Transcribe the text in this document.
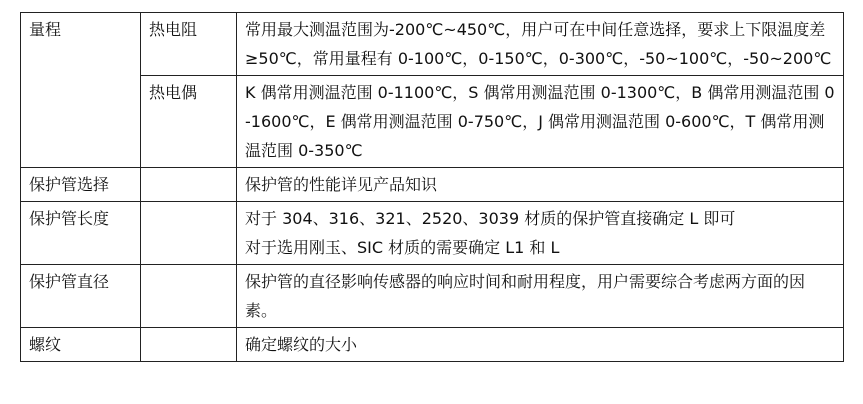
量程	热电阻	常用最大测温范围为-200℃~450℃，用户可在中间任意选择，要求上下限温度差≥50℃，常用量程有 0-100℃，0-150℃，0-300℃，-50~100℃，-50~200℃

	热电偶	K 偶常用测温范围 0-1100℃，S 偶常用测温范围 0-1300℃，B 偶常用测温范围 0-1600℃，E 偶常用测温范围 0-750℃，J 偶常用测温范围 0-600℃，T 偶常用测温范围 0-350℃

保护管选择		保护管的性能详见产品知识

保护管长度		对于 304、316、321、2520、3039 材质的保护管直接确定 L 即可
对于选用刚玉、SIC 材质的需要确定 L1 和 L

保护管直径		保护管的直径影响传感器的响应时间和耐用程度，用户需要综合考虑两方面的因素。

螺纹		确定螺纹的大小
